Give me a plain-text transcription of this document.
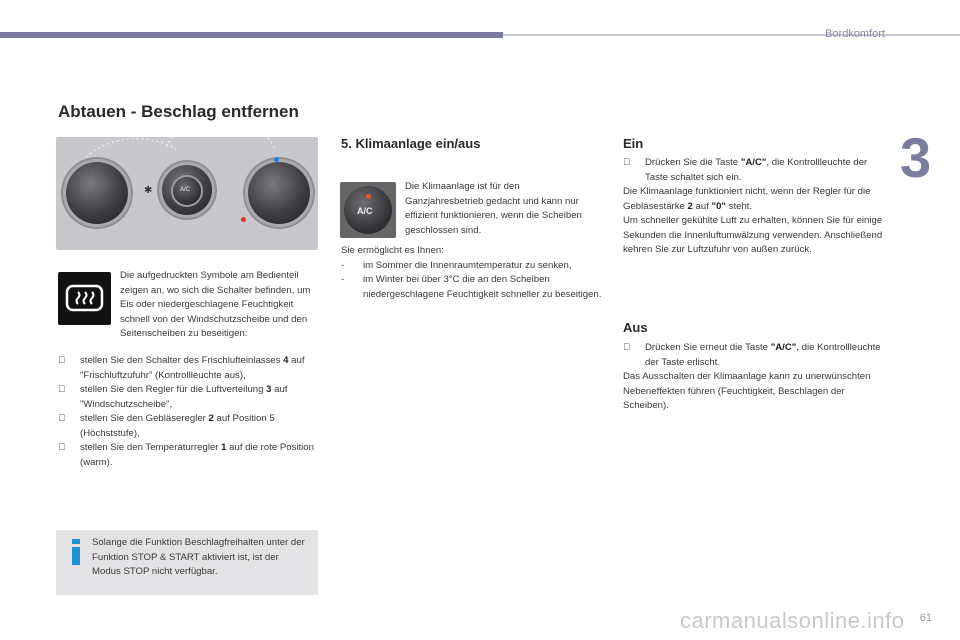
Bordkomfort
3
Abtauen - Beschlag entfernen
A/C
✱
Die aufgedruckten Symbole am Bedienteil zeigen an, wo sich die Schalter befinden, um Eis oder niedergeschlagene Feuchtigkeit schnell von der Windschutzscheibe und den Seitenscheiben zu beseitigen:
stellen Sie den Schalter des Frischlufteinlasses 4 auf "Frischluftzufuhr" (Kontrollleuchte aus),
stellen Sie den Regler für die Luftverteilung 3 auf "Windschutzscheibe",
stellen Sie den Gebläseregler 2 auf Position 5 (Höchststufe),
stellen Sie den Temperaturregler 1 auf die rote Position (warm).
Solange die Funktion Beschlagfreihalten unter der Funktion STOP & START aktiviert ist, ist der Modus STOP nicht verfügbar.
5. Klimaanlage ein/aus
A/C
Die Klimaanlage ist für den Ganzjahresbetrieb gedacht und kann nur effizient funktionieren, wenn die Scheiben geschlossen sind.
Sie ermöglicht es Ihnen:
- im Sommer die Innenraumtemperatur zu senken,
- im Winter bei über 3°C die an den Scheiben niedergeschlagene Feuchtigkeit schneller zu beseitigen.
Ein
Drücken Sie die Taste "A/C", die Kontrollleuchte der Taste schaltet sich ein.
Die Klimaanlage funktioniert nicht, wenn der Regler für die Gebläsestärke 2 auf "0" steht.
Um schneller gekühlte Luft zu erhalten, können Sie für einige Sekunden die Innenluftumwälzung verwenden. Anschließend kehren Sie zur Luftzufuhr von außen zurück.
Aus
Drücken Sie erneut die Taste "A/C", die Kontrollleuchte der Taste erlischt.
Das Ausschalten der Klimaanlage kann zu unerwünschten Nebeneffekten führen (Feuchtigkeit, Beschlagen der Scheiben).
carmanualsonline.info 61
